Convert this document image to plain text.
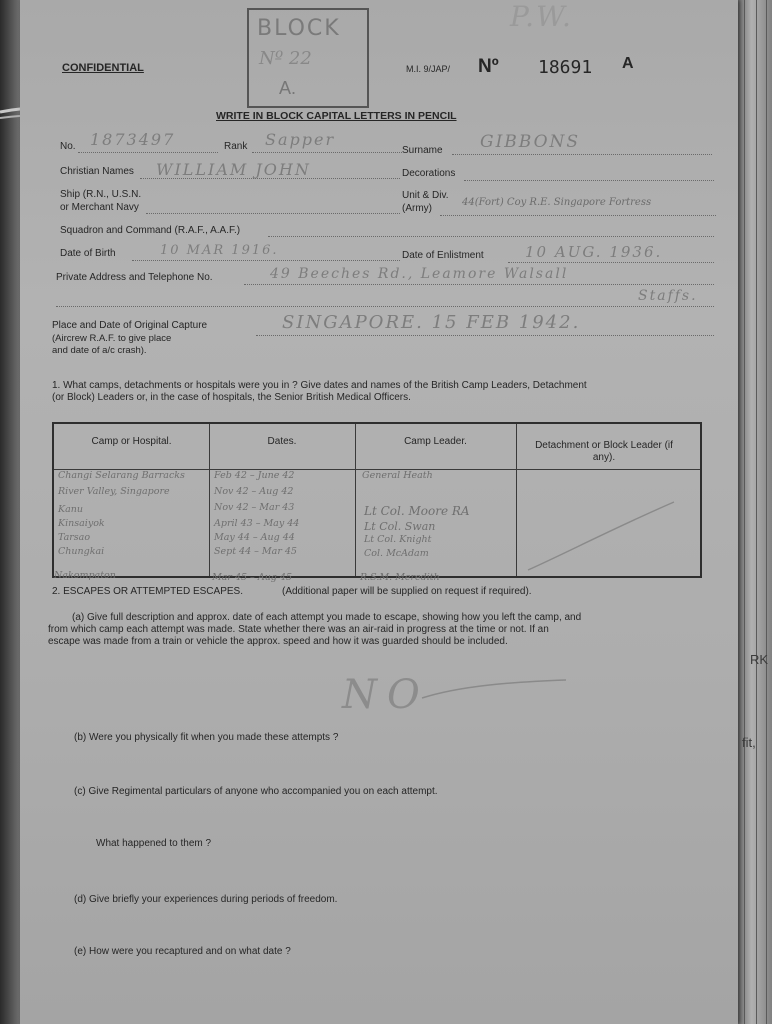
RK
fit,
P.W.
CONFIDENTIAL
BLOCK
Nº 22
A.
M.I. 9/JAP/ Nº 18691 A
WRITE IN BLOCK CAPITAL LETTERS IN PENCIL
No. 1873497	Rank Sapper
Surname GIBBONS
Christian Names WILLIAM JOHN	Decorations
Ship (R.N., U.S.N.
or Merchant Navy
Unit & Div.
(Army)
44(Fort) Coy R.E. Singapore Fortress
Squadron and Command (R.A.F., A.A.F.)
Date of Birth	10 MAR 1916.	Date of Enlistment	10 AUG. 1936.
Private Address and Telephone No.	49 Beeches Rd., Leamore Walsall
Staffs.
Place and Date of Original Capture
(Aircrew R.A.F. to give place
and date of a/c crash).
SINGAPORE. 15 FEB 1942.
1. What camps, detachments or hospitals were you in ? Give dates and names of the British Camp Leaders, Detachment
(or Block) Leaders or, in the case of hospitals, the Senior British Medical Officers.
Camp or Hospital.	Dates.	Camp Leader.	Detachment or Block Leader (if any).
Changi Selarang Barracks	Feb 42 – June 42	General Heath
River Valley, Singapore	Nov 42 – Aug 42
Kanu	Nov 42 – Mar 43	Lt Col. Moore RA
Kinsaiyok	April 43 – May 44	Lt Col. Swan
Tarsao	May 44 – Aug 44	Lt Col. Knight
Chungkai	Sept 44 – Mar 45	Col. McAdam
Nakompaton	Mar 45 – Aug 45	R.S.M. Meredith
2. ESCAPES OR ATTEMPTED ESCAPES.	(Additional paper will be supplied on request if required).
(a) Give full description and approx. date of each attempt you made to escape, showing how you left the camp, and
from which camp each attempt was made. State whether there was an air-raid in progress at the time or not. If an
escape was made from a train or vehicle the approx. speed and how it was guarded should be included.
NO
(b) Were you physically fit when you made these attempts ?
(c) Give Regimental particulars of anyone who accompanied you on each attempt.
What happened to them ?
(d) Give briefly your experiences during periods of freedom.
(e) How were you recaptured and on what date ?
